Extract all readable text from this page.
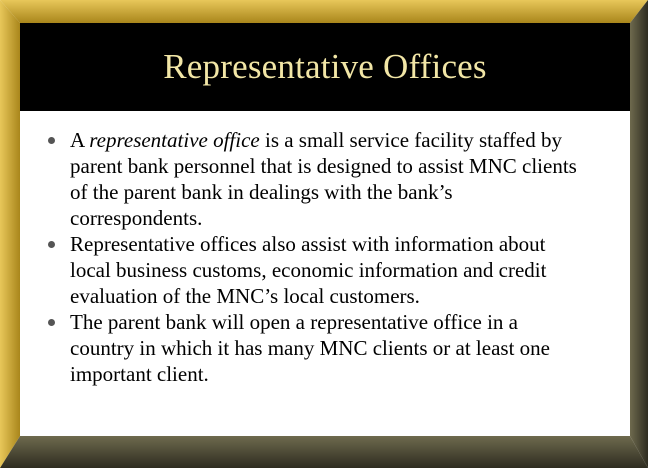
Representative Offices
A representative office is a small service facility staffed by parent bank personnel that is designed to assist MNC clients of the parent bank in dealings with the bank’s correspondents.
Representative offices also assist with information about local business customs, economic information and credit evaluation of the MNC’s local customers.
The parent bank will open a representative office in a country in which it has many MNC clients or at least one important client.
